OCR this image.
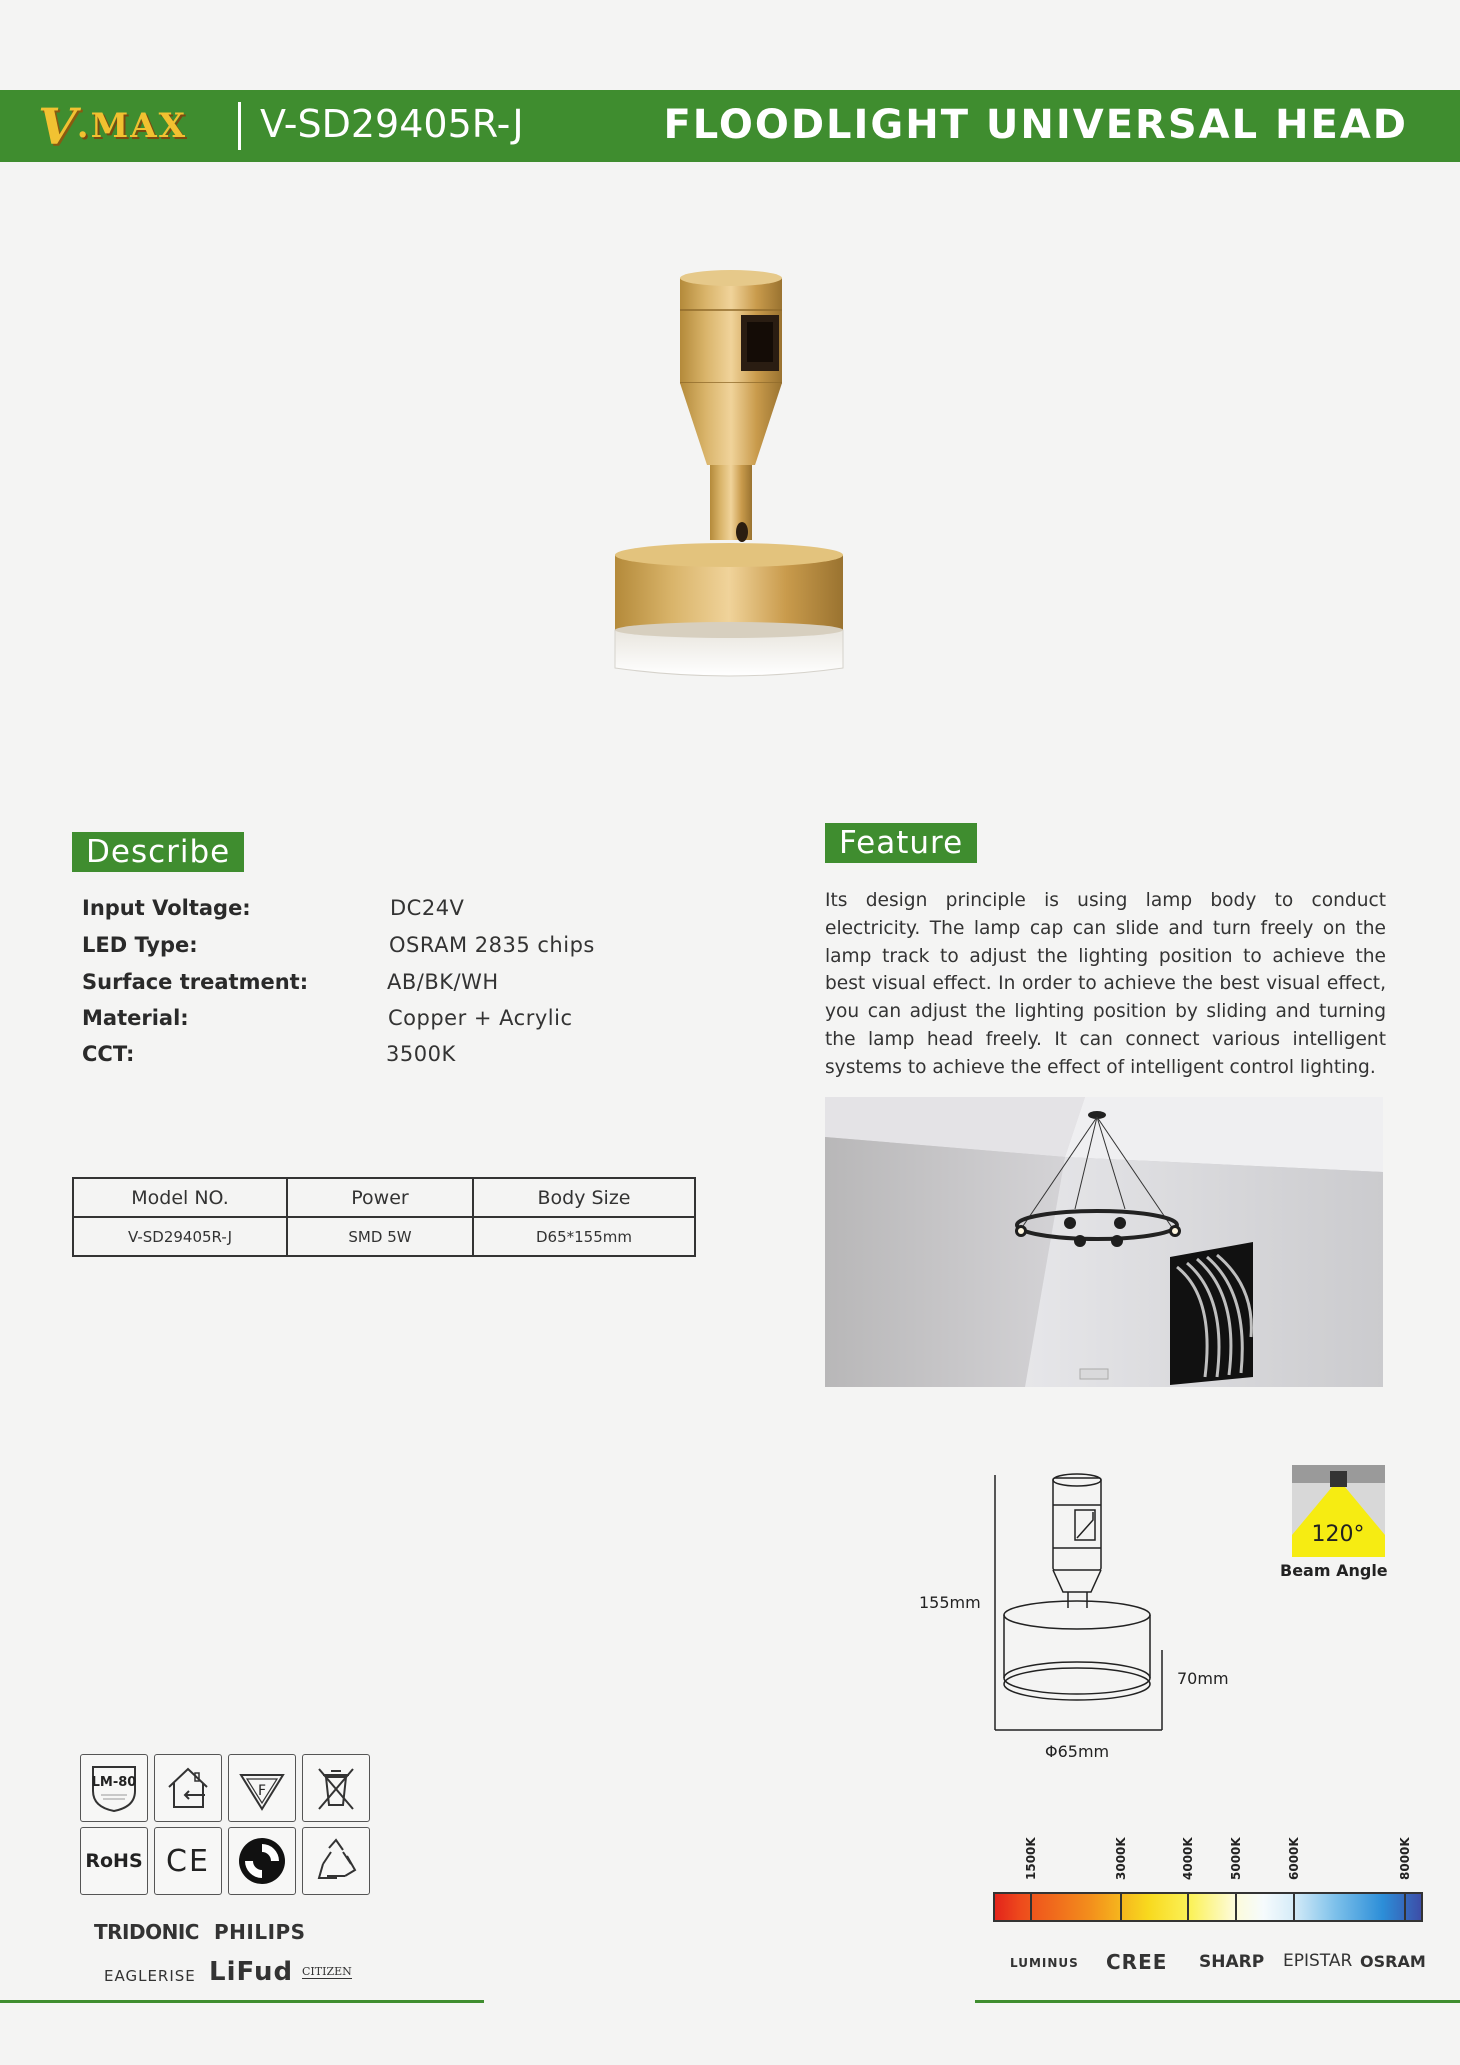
V .MAX V-SD29405R-J	FLOODLIGHT UNIVERSAL HEAD
Describe
Input Voltage:	DC24V
LED Type:	OSRAM 2835 chips
Surface treatment:	AB/BK/WH
Material:	Copper + Acrylic
CCT:	3500K
Model NO.	Power	Body Size
V-SD29405R-J	SMD 5W	D65*155mm
Feature
Its design principle is using lamp body to conduct electricity. The lamp cap can slide and turn freely on the lamp track to adjust the lighting position to achieve the best visual effect. In order to achieve the best visual effect, you can adjust the lighting position by sliding and turning the lamp head freely. It can connect various intelligent systems to achieve the effect of intelligent control lighting.
155mm
70mm
Φ65mm
120°
Beam Angle
LM-80
F
RoHS CE
TRIDONIC PHILIPS
EAGLERISE LiFud CITIZEN
1500K	3000K	4000K	5000K	6000K	8000K
LUMINUS CREE SHARP EPISTAR OSRAM
